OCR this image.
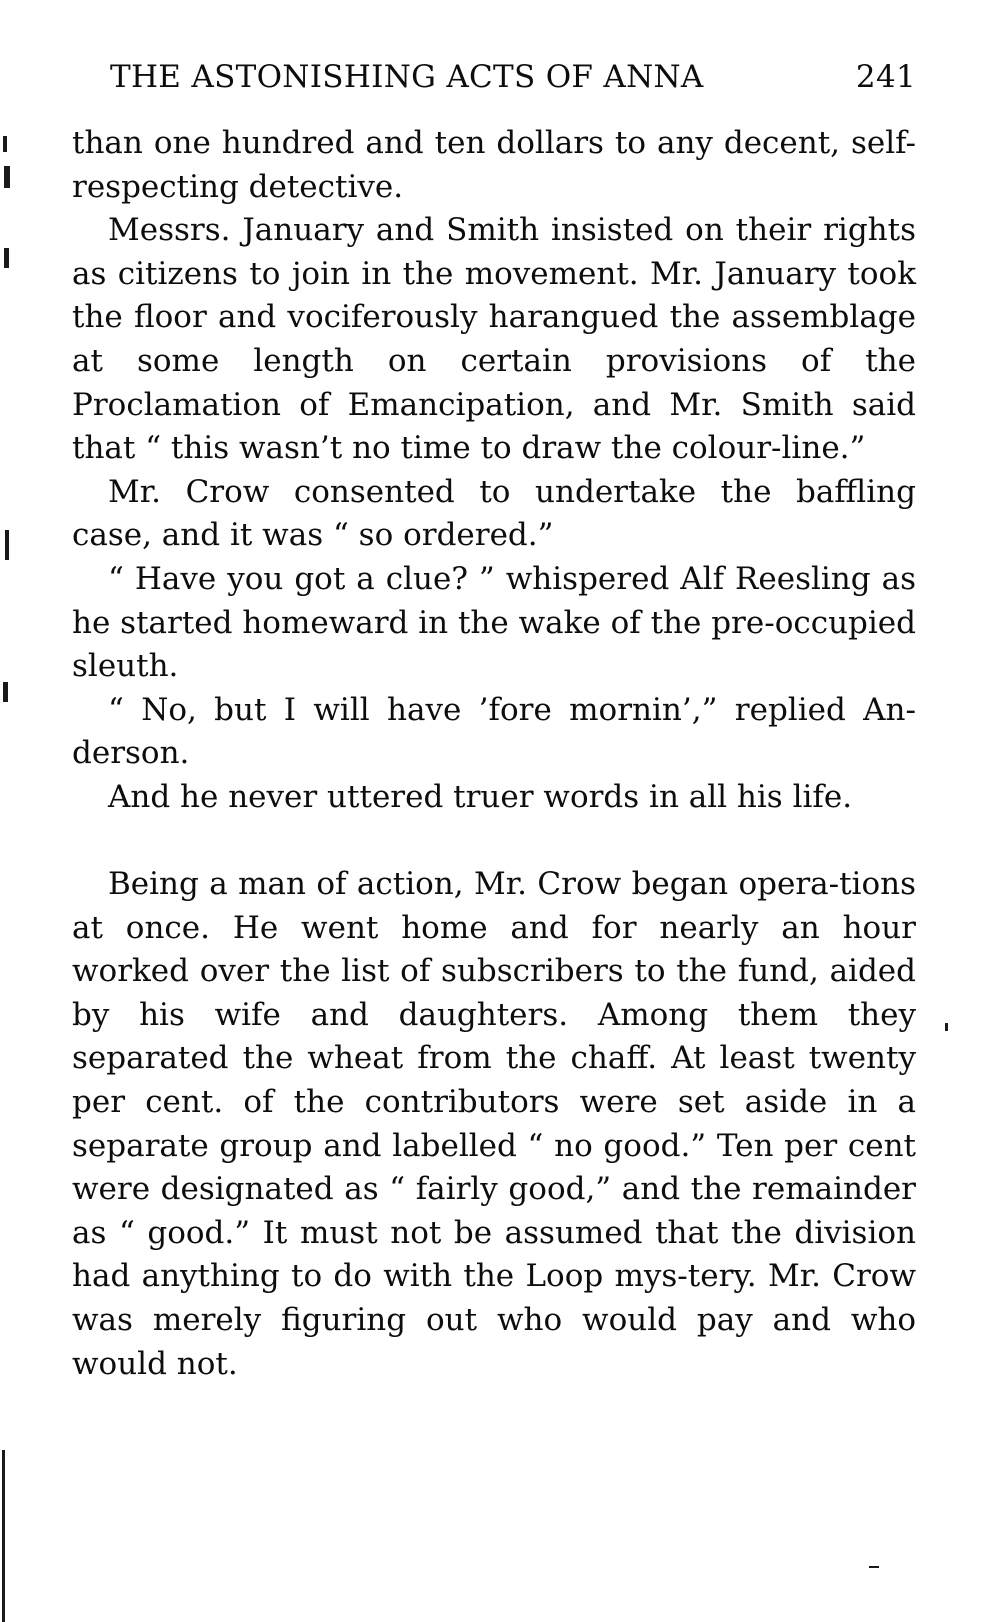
THE ASTONISHING ACTS OF ANNA	241

than one hundred and ten dollars to any decent, self-respecting detective.

Messrs. January and Smith insisted on their rights as citizens to join in the movement. Mr. January took the floor and vociferously harangued the assemblage at some length on certain provisions of the Proclamation of Emancipation, and Mr. Smith said that “ this wasn’t no time to draw the colour-line.”

Mr. Crow consented to undertake the baffling case, and it was “ so ordered.”

“ Have you got a clue? ” whispered Alf Reesling as he started homeward in the wake of the pre-occupied sleuth.

“ No, but I will have ’fore mornin’,” replied An-derson.

And he never uttered truer words in all his life.

Being a man of action, Mr. Crow began opera-tions at once. He went home and for nearly an hour worked over the list of subscribers to the fund, aided by his wife and daughters. Among them they separated the wheat from the chaff. At least twenty per cent. of the contributors were set aside in a separate group and labelled “ no good.” Ten per cent were designated as “ fairly good,” and the remainder as “ good.” It must not be assumed that the division had anything to do with the Loop mys-tery. Mr. Crow was merely figuring out who would pay and who would not.
